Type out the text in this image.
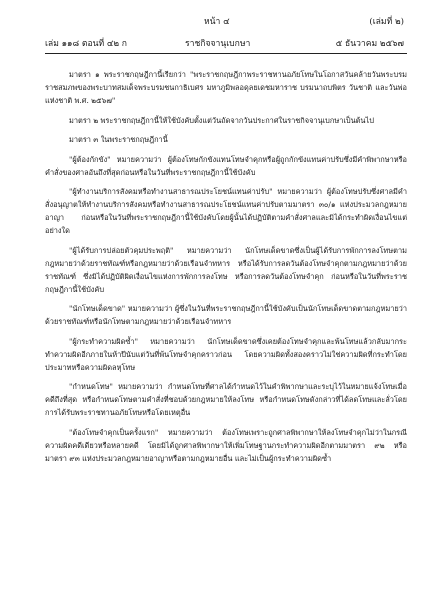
หน้า ๔	(เล่มที่ ๒)
เล่ม ๑๑๘ ตอนที่ ๔๒ ก	ราชกิจจานุเบกษา	๕ ธันวาคม ๒๕๖๗

มาตรา ๑ พระราชกฤษฎีกานี้เรียกว่า "พระราชกฤษฎีกาพระราชทานอภัยโทษในโอกาสวันคล้ายวันพระบรมราชสมภพของพระบาทสมเด็จพระบรมชนกาธิเบศร มหาภูมิพลอดุลยเดชมหาราช บรมนาถบพิตร วันชาติ และวันพ่อแห่งชาติ พ.ศ. ๒๕๖๗"

มาตรา ๒ พระราชกฤษฎีกานี้ให้ใช้บังคับตั้งแต่วันถัดจากวันประกาศในราชกิจจานุเบกษาเป็นต้นไป

มาตรา ๓ ในพระราชกฤษฎีกานี้

"ผู้ต้องกักขัง" หมายความว่า ผู้ต้องโทษกักขังแทนโทษจำคุกหรือผู้ถูกกักขังแทนค่าปรับซึ่งมีคำพิพากษาหรือคำสั่งของศาลอันถึงที่สุดก่อนหรือในวันที่พระราชกฤษฎีกานี้ใช้บังคับ

"ผู้ทำงานบริการสังคมหรือทำงานสาธารณประโยชน์แทนค่าปรับ" หมายความว่า ผู้ต้องโทษปรับซึ่งศาลมีคำสั่งอนุญาตให้ทำงานบริการสังคมหรือทำงานสาธารณประโยชน์แทนค่าปรับตามมาตรา ๓๐/๑ แห่งประมวลกฎหมายอาญา ก่อนหรือในวันที่พระราชกฤษฎีกานี้ใช้บังคับโดยผู้นั้นได้ปฏิบัติตามคำสั่งศาลและมิได้กระทำผิดเงื่อนไขแต่อย่างใด

"ผู้ได้รับการปล่อยตัวคุมประพฤติ" หมายความว่า นักโทษเด็ดขาดซึ่งเป็นผู้ได้รับการพักการลงโทษตามกฎหมายว่าด้วยราชทัณฑ์หรือกฎหมายว่าด้วยเรือนจำทหาร หรือได้รับการลดวันต้องโทษจำคุกตามกฎหมายว่าด้วยราชทัณฑ์ ซึ่งมิได้ปฏิบัติผิดเงื่อนไขแห่งการพักการลงโทษ หรือการลดวันต้องโทษจำคุก ก่อนหรือในวันที่พระราชกฤษฎีกานี้ใช้บังคับ

"นักโทษเด็ดขาด" หมายความว่า ผู้ซึ่งในวันที่พระราชกฤษฎีกานี้ใช้บังคับเป็นนักโทษเด็ดขาดตามกฎหมายว่าด้วยราชทัณฑ์หรือนักโทษตามกฎหมายว่าด้วยเรือนจำทหาร

"ผู้กระทำความผิดซ้ำ" หมายความว่า นักโทษเด็ดขาดซึ่งเคยต้องโทษจำคุกและพ้นโทษแล้วกลับมากระทำความผิดอีกภายในห้าปีนับแต่วันที่พ้นโทษจำคุกคราวก่อน โดยความผิดทั้งสองคราวไม่ใช่ความผิดที่กระทำโดยประมาทหรือความผิดลหุโทษ

"กำหนดโทษ" หมายความว่า กำหนดโทษที่ศาลได้กำหนดไว้ในคำพิพากษาและระบุไว้ในหมายแจ้งโทษเมื่อคดีถึงที่สุด หรือกำหนดโทษตามคำสั่งที่ชอบด้วยกฎหมายให้ลงโทษ หรือกำหนดโทษดังกล่าวที่ได้ลดโทษและลั่วโดยการได้รับพระราชทานอภัยโทษหรือโดยเหตุอื่น

"ต้องโทษจำคุกเป็นครั้งแรก" หมายความว่า ต้องโทษเพราะถูกศาลพิพากษาให้ลงโทษจำคุกไม่ว่าในกรณีความผิดคดีเดียวหรือหลายคดี โดยมิได้ถูกศาลพิพากษาให้เพิ่มโทษฐานกระทำความผิดอีกตามมาตรา ๙๒ หรือมาตรา ๙๓ แห่งประมวลกฎหมายอาญาหรือตามกฎหมายอื่น และไม่เป็นผู้กระทำความผิดซ้ำ
